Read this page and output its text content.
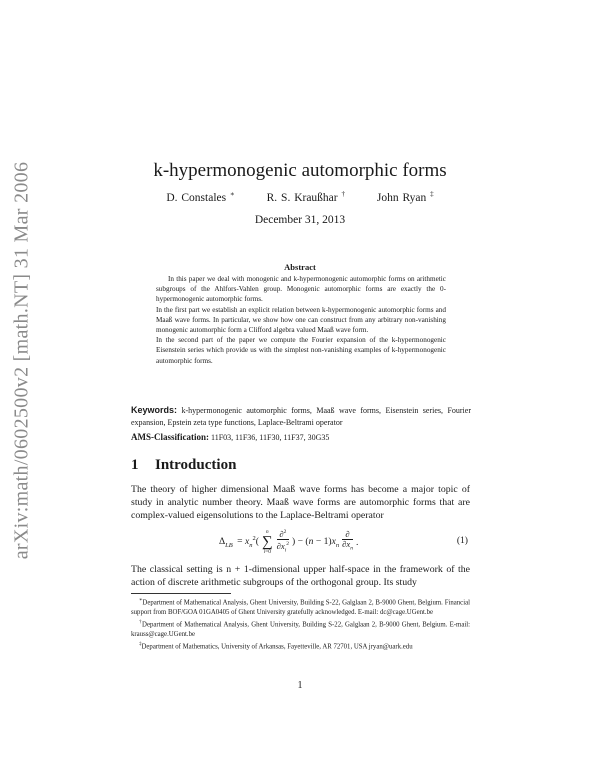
arXiv:math/0602500v2 [math.NT] 31 Mar 2006	k-hypermonogenic automorphic forms
D. Constales ∗	R. S. Kraußhar †	John Ryan ‡
December 31, 2013
Abstract

In this paper we deal with monogenic and k-hypermonogenic automorphic forms on arithmetic subgroups of the Ahlfors-Vahlen group. Monogenic automorphic forms are exactly the 0-hypermonogenic automorphic forms.

In the first part we establish an explicit relation between k-hypermonogenic automorphic forms and Maaß wave forms. In particular, we show how one can construct from any arbitrary non-vanishing monogenic automorphic form a Clifford algebra valued Maaß wave form.

In the second part of the paper we compute the Fourier expansion of the k-hypermonogenic Eisenstein series which provide us with the simplest non-vanishing examples of k-hypermonogenic automorphic forms.

Keywords: k-hypermonogenic automorphic forms, Maaß wave forms, Eisenstein series, Fourier expansion, Epstein zeta type functions, Laplace-Beltrami operator
AMS-Classification: 11F03, 11F36, 11F30, 11F37, 30G35
1 Introduction
The theory of higher dimensional Maaß wave forms has become a major topic of study in analytic number theory. Maaß wave forms are automorphic forms that are complex-valued eigensolutions to the Laplace-Beltrami operator
$\Delta_{LB} = x_n^2$(
n
∑
$i=0 \frac{\partial^2}{\partial x_i^2}$ ) − $(n - 1)x_n \frac{\partial}{\partial x_n}$ .	(1)
The classical setting is n + 1-dimensional upper half-space in the framework of the action of discrete arithmetic subgroups of the orthogonal group. Its study

∗Department of Mathematical Analysis, Ghent University, Building S-22, Galglaan 2, B-9000 Ghent, Belgium. Financial support from BOF/GOA 01GA0405 of Ghent University gratefully acknowledged. E-mail: dc@cage.UGent.be

†Department of Mathematical Analysis, Ghent University, Building S-22, Galglaan 2, B-9000 Ghent, Belgium. E-mail: krauss@cage.UGent.be

‡Department of Mathematics, University of Arkansas, Fayetteville, AR 72701, USA jryan@uark.edu

1
